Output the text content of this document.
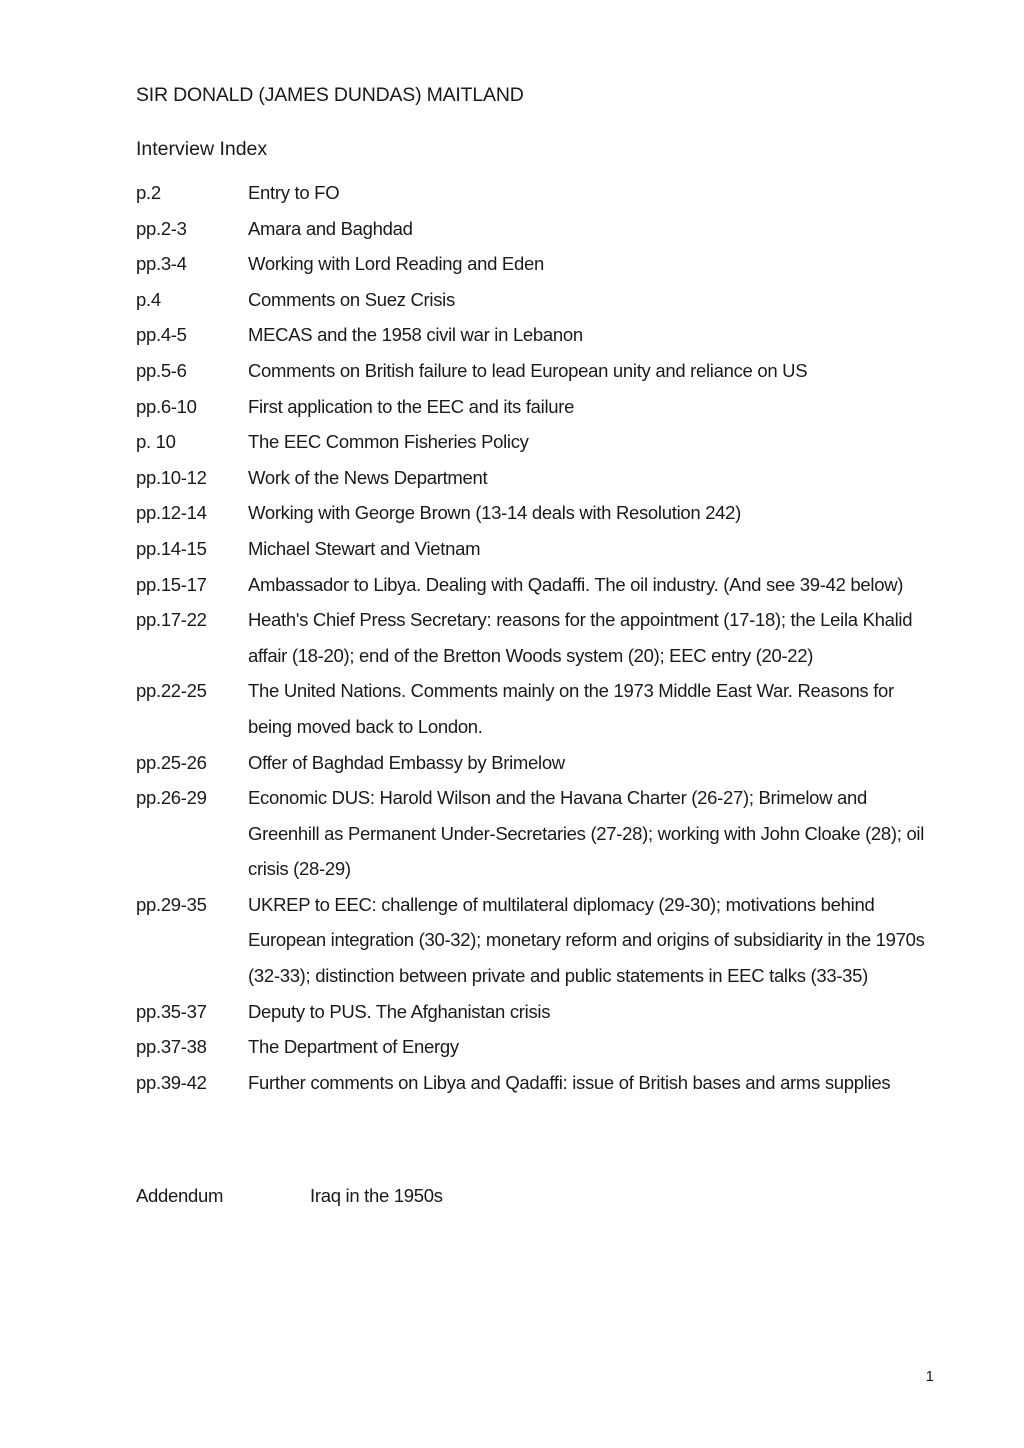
SIR DONALD (JAMES DUNDAS) MAITLAND
Interview Index
p.2	Entry to FO
pp.2-3	Amara and Baghdad
pp.3-4	Working with Lord Reading and Eden
p.4	Comments on Suez Crisis
pp.4-5	MECAS and the 1958 civil war in Lebanon
pp.5-6	Comments on British failure to lead European unity and reliance on US
pp.6-10	First application to the EEC and its failure
p. 10	The EEC Common Fisheries Policy
pp.10-12	Work of the News Department
pp.12-14	Working with George Brown (13-14 deals with Resolution 242)
pp.14-15	Michael Stewart and Vietnam
pp.15-17	Ambassador to Libya. Dealing with Qadaffi. The oil industry. (And see 39-42 below)
pp.17-22	Heath's Chief Press Secretary: reasons for the appointment (17-18); the Leila Khalid affair (18-20); end of the Bretton Woods system (20); EEC entry (20-22)
pp.22-25	The United Nations. Comments mainly on the 1973 Middle East War. Reasons for being moved back to London.
pp.25-26	Offer of Baghdad Embassy by Brimelow
pp.26-29	Economic DUS: Harold Wilson and the Havana Charter (26-27); Brimelow and Greenhill as Permanent Under-Secretaries (27-28); working with John Cloake (28); oil crisis (28-29)
pp.29-35	UKREP to EEC: challenge of multilateral diplomacy (29-30); motivations behind European integration (30-32); monetary reform and origins of subsidiarity in the 1970s (32-33); distinction between private and public statements in EEC talks (33-35)
pp.35-37	Deputy to PUS. The Afghanistan crisis
pp.37-38	The Department of Energy
pp.39-42	Further comments on Libya and Qadaffi: issue of British bases and arms supplies
Addendum	Iraq in the 1950s
1
